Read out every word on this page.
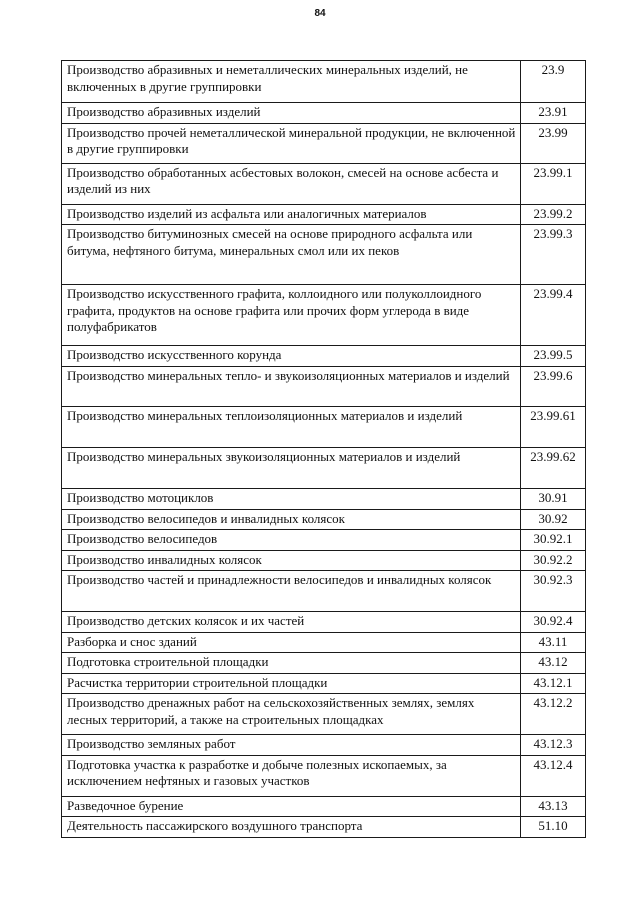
84
Производство абразивных и неметаллических минеральных изделий, не включенных в другие группировки	23.9
Производство абразивных изделий	23.91
Производство прочей неметаллической минеральной продукции, не включенной в другие группировки	23.99
Производство обработанных асбестовых волокон, смесей на основе асбеста и изделий из них	23.99.1
Производство изделий из асфальта или аналогичных материалов	23.99.2
Производство битуминозных смесей на основе природного асфальта или битума, нефтяного битума, минеральных смол или их пеков	23.99.3
Производство искусственного графита, коллоидного или полуколлоидного графита, продуктов на основе графита или прочих форм углерода в виде полуфабрикатов	23.99.4
Производство искусственного корунда	23.99.5
Производство минеральных тепло- и звукоизоляционных материалов и изделий	23.99.6
Производство минеральных теплоизоляционных материалов и изделий	23.99.61
Производство минеральных звукоизоляционных материалов и изделий	23.99.62
Производство мотоциклов	30.91
Производство велосипедов и инвалидных колясок	30.92
Производство велосипедов	30.92.1
Производство инвалидных колясок	30.92.2
Производство частей и принадлежности велосипедов и инвалидных колясок	30.92.3
Производство детских колясок и их частей	30.92.4
Разборка и снос зданий	43.11
Подготовка строительной площадки	43.12
Расчистка территории строительной площадки	43.12.1
Производство дренажных работ на сельскохозяйственных землях, землях лесных территорий, а также на строительных площадках	43.12.2
Производство земляных работ	43.12.3
Подготовка участка к разработке и добыче полезных ископаемых, за исключением нефтяных и газовых участков	43.12.4
Разведочное бурение	43.13
Деятельность пассажирского воздушного транспорта	51.10
